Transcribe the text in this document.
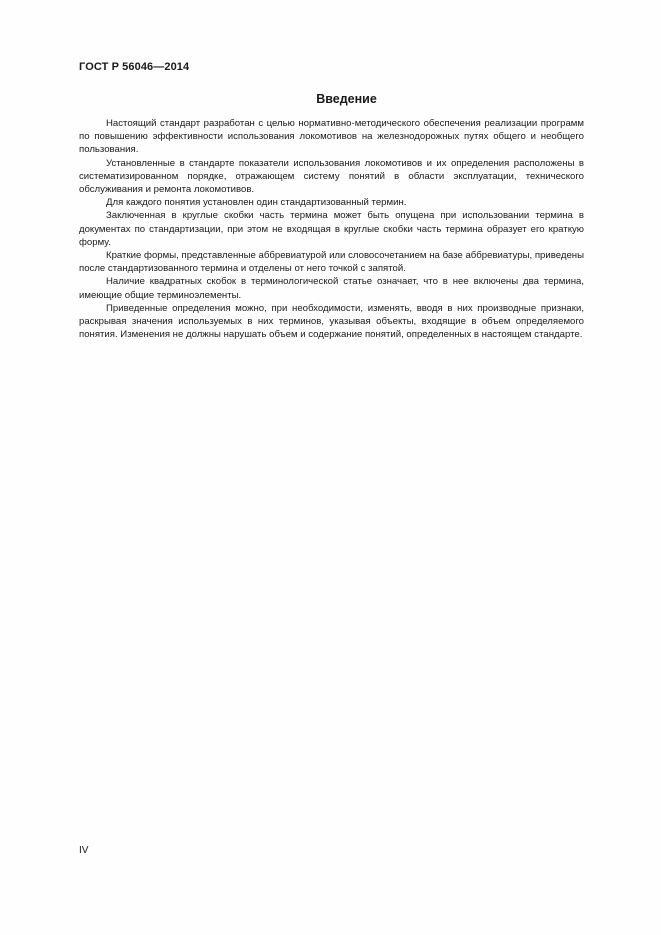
ГОСТ Р 56046—2014
Введение

Настоящий стандарт разработан с целью нормативно-методического обеспечения реализации программ по повышению эффективности использования локомотивов на железнодорожных путях общего и необщего пользования.

Установленные в стандарте показатели использования локомотивов и их определения расположены в систематизированном порядке, отражающем систему понятий в области эксплуатации, технического обслуживания и ремонта локомотивов.

Для каждого понятия установлен один стандартизованный термин.

Заключенная в круглые скобки часть термина может быть опущена при использовании термина в документах по стандартизации, при этом не входящая в круглые скобки часть термина образует его краткую форму.

Краткие формы, представленные аббревиатурой или словосочетанием на базе аббревиатуры, приведены после стандартизованного термина и отделены от него точкой с запятой.

Наличие квадратных скобок в терминологической статье означает, что в нее включены два термина, имеющие общие терминоэлементы.

Приведенные определения можно, при необходимости, изменять, вводя в них производные признаки, раскрывая значения используемых в них терминов, указывая объекты, входящие в объем определяемого понятия. Изменения не должны нарушать объем и содержание понятий, определенных в настоящем стандарте.

IV
